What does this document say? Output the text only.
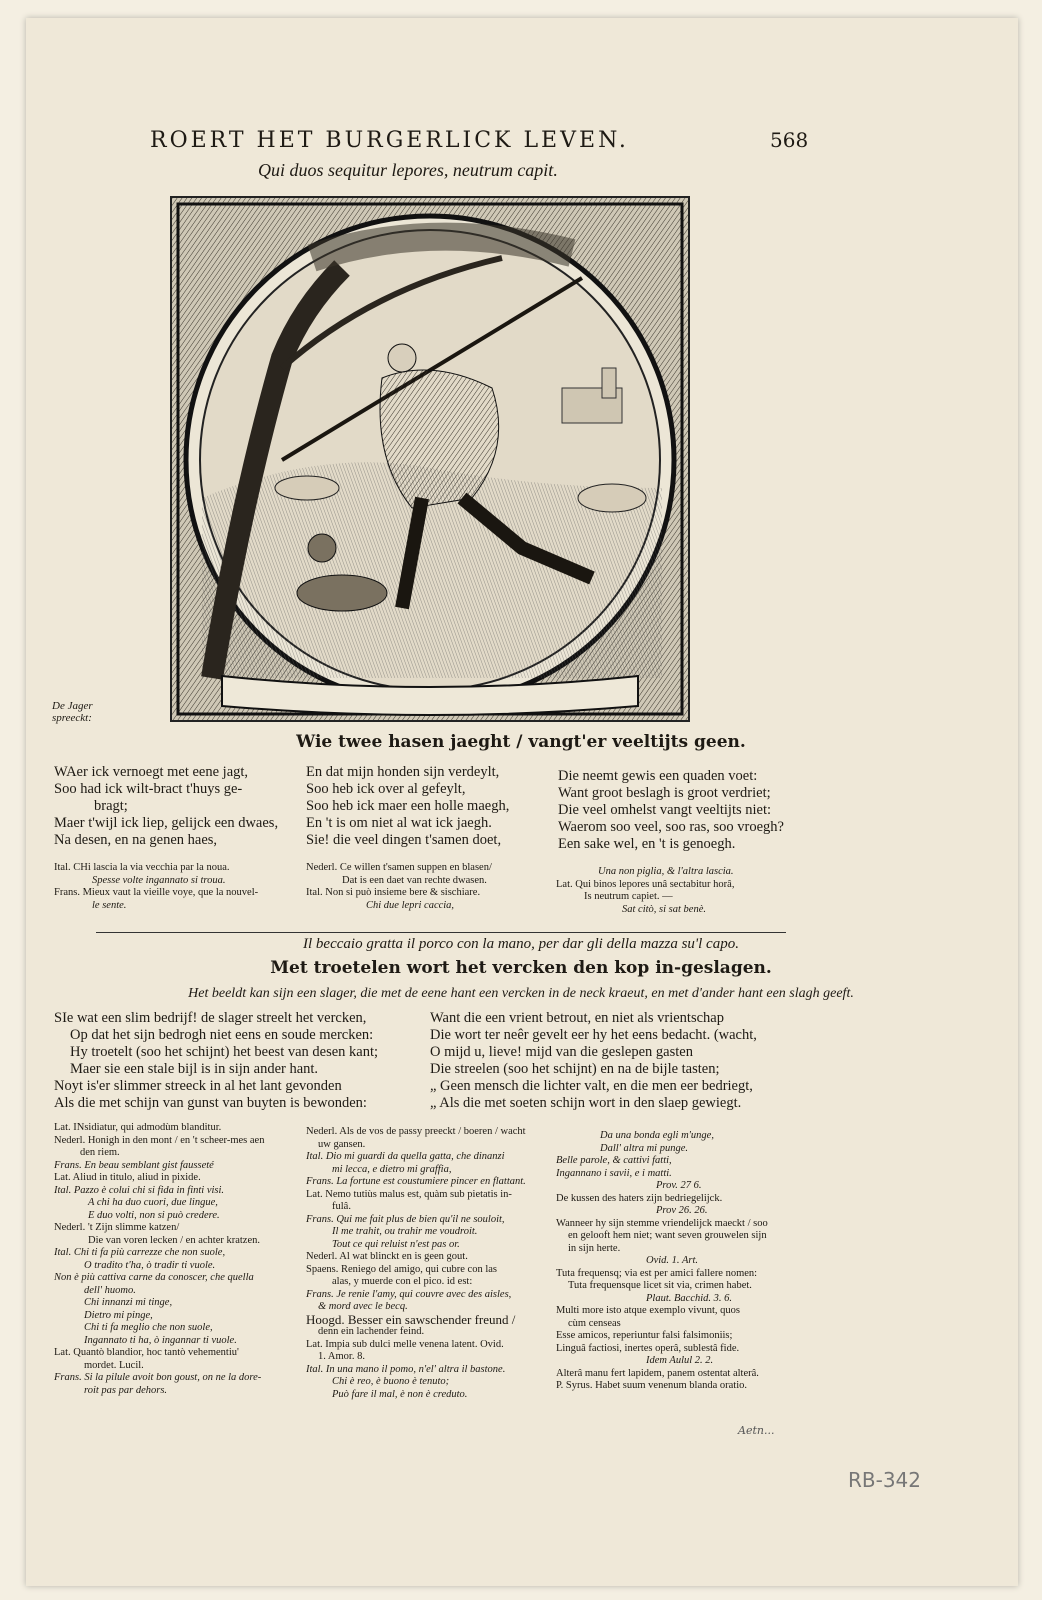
ROERT HET BURGERLICK LEVEN.	568
Qui duos sequitur lepores, neutrum capit.
De Jager
spreeckt:
Wie twee hasen jaeght / vangt'er veeltijts geen.
WAer ick vernoegt met eene jagt,
Soo had ick wilt-bract t'huys ge-
bragt;
Maer t'wijl ick liep, gelijck een dwaes,
Na desen, en na genen haes,
En dat mijn honden sijn verdeylt,
Soo heb ick over al gefeylt,
Soo heb ick maer een holle maegh,
En 't is om niet al wat ick jaegh.
Sie! die veel dingen t'samen doet,
Die neemt gewis een quaden voet:
Want groot beslagh is groot verdriet;
Die veel omhelst vangt veeltijts niet:
Waerom soo veel, soo ras, soo vroegh?
Een sake wel, en 't is genoegh.
Ital. CHi lascia la via vecchia par la noua.
Spesse volte ingannato si troua.
Frans. Mieux vaut la vieille voye, que la nouvel-
le sente.
Nederl. Ce willen t'samen suppen en blasen/
Dat is een daet van rechte dwasen.
Ital. Non si può insieme bere & sischiare.
Chi due lepri caccia,
Una non piglia, & l'altra lascia.
Lat. Qui binos lepores unâ sectabitur horâ,
Is neutrum capiet. —
Sat citò, si sat benè.
Il beccaio gratta il porco con la mano, per dar gli della mazza su'l capo.
Met troetelen wort het vercken den kop in-geslagen.
Het beeldt kan sijn een slager, die met de eene hant een vercken in de neck kraeut, en met d'ander hant een slagh geeft.
SIe wat een slim bedrijf! de slager streelt het vercken,
Op dat het sijn bedrogh niet eens en soude mercken:
Hy troetelt (soo het schijnt) het beest van desen kant;
Maer sie een stale bijl is in sijn ander hant.
Noyt is'er slimmer streeck in al het lant gevonden
Als die met schijn van gunst van buyten is bewonden:
Want die een vrient betrout, en niet als vrientschap
Die wort ter neêr gevelt eer hy het eens bedacht. (wacht,
O mijd u, lieve! mijd van die geslepen gasten
Die streelen (soo het schijnt) en na de bijle tasten;
„ Geen mensch die lichter valt, en die men eer bedriegt,
„ Als die met soeten schijn wort in den slaep gewiegt.
Lat. INsidiatur, qui admodùm blanditur.
Nederl. Honigh in den mont / en 't scheer-mes aen
den riem.
Frans. En beau semblant gist fausseté
Lat. Aliud in titulo, aliud in pixide.
Ital. Pazzo è colui chi si fida in finti visi.
A chi ha duo cuori, due lingue,
E duo volti, non si può credere.
Nederl. 't Zijn slimme katzen/
Die van voren lecken / en achter kratzen.
Ital. Chi ti fa più carrezze che non suole,
O tradito t'ha, ò tradir ti vuole.
Non è più cattiva carne da conoscer, che quella
dell' huomo.
Chi innanzi mi tinge,
Dietro mi pinge,
Chi ti fa meglio che non suole,
Ingannato ti ha, ò ingannar ti vuole.
Lat. Quantò blandior, hoc tantò vehementiu'
mordet. Lucil.
Frans. Si la pilule avoit bon goust, on ne la dore-
roit pas par dehors.
Nederl. Als de vos de passy preeckt / boeren / wacht
uw gansen.
Ital. Dio mi guardi da quella gatta, che dinanzi
mi lecca, e dietro mi graffia,
Frans. La fortune est coustumiere pincer en flattant.
Lat. Nemo tutiùs malus est, quàm sub pietatis in-
fulâ.
Frans. Qui me fait plus de bien qu'il ne souloit,
Il me trahit, ou trahir me voudroit.
Tout ce qui reluist n'est pas or.
Nederl. Al wat blinckt en is geen gout.
Spaens. Reniego del amigo, qui cubre con las
alas, y muerde con el pico. id est:
Frans. Je renie l'amy, qui couvre avec des aisles,
& mord avec le becq.
Hoogd. Besser ein sawschender freund /
denn ein lachender feind.
Lat. Impia sub dulci melle venena latent. Ovid.
1. Amor. 8.
Ital. In una mano il pomo, n'el' altra il bastone.
Chi è reo, è buono è tenuto;
Può fare il mal, è non è creduto.
Da una bonda egli m'unge,
Dall' altra mi punge.
Belle parole, & cattivi fatti,
Ingannano i savii, e i matti.
Prov. 27 6.
De kussen des haters zijn bedriegelijck.
Prov 26. 26.
Wanneer hy sijn stemme vriendelijck maeckt / soo
en gelooft hem niet; want seven grouwelen sijn
in sijn herte.
Ovid. 1. Art.
Tuta frequensq; via est per amici fallere nomen:
Tuta frequensque licet sit via, crimen habet.
Plaut. Bacchid. 3. 6.
Multi more isto atque exemplo vivunt, quos
cùm censeas
Esse amicos, reperiuntur falsi falsimoniis;
Linguâ factiosi, inertes operâ, sublestâ fide.
Idem Aulul 2. 2.
Alterâ manu fert lapidem, panem ostentat alterâ.
P. Syrus. Habet suum venenum blanda oratio.
Aetn...
RB-342
